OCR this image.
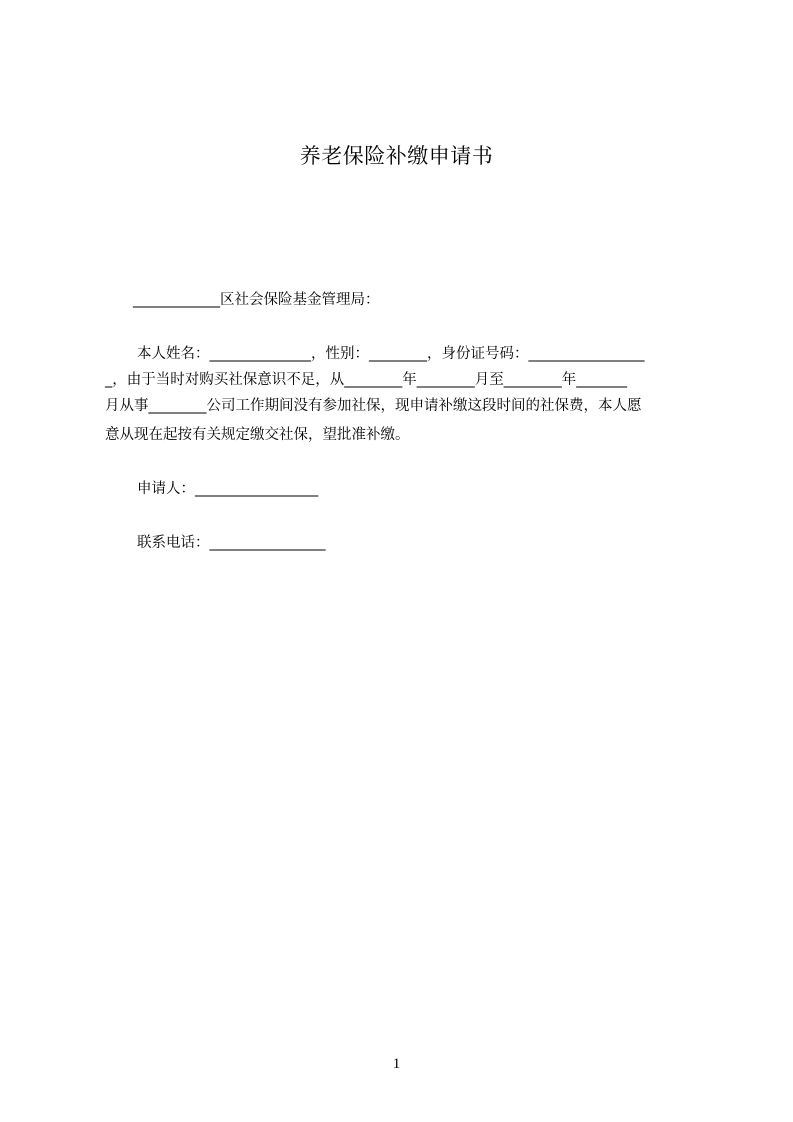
养老保险补缴申请书
____________区社会保险基金管理局：
本人姓名：______________，性别：________，身份证号码：________________
_，由于当时对购买社保意识不足，从________年________月至________年_______
月从事________公司工作期间没有参加社保，现申请补缴这段时间的社保费，本人愿
意从现在起按有关规定缴交社保，望批准补缴。
申请人：_________________
联系电话：________________
1
